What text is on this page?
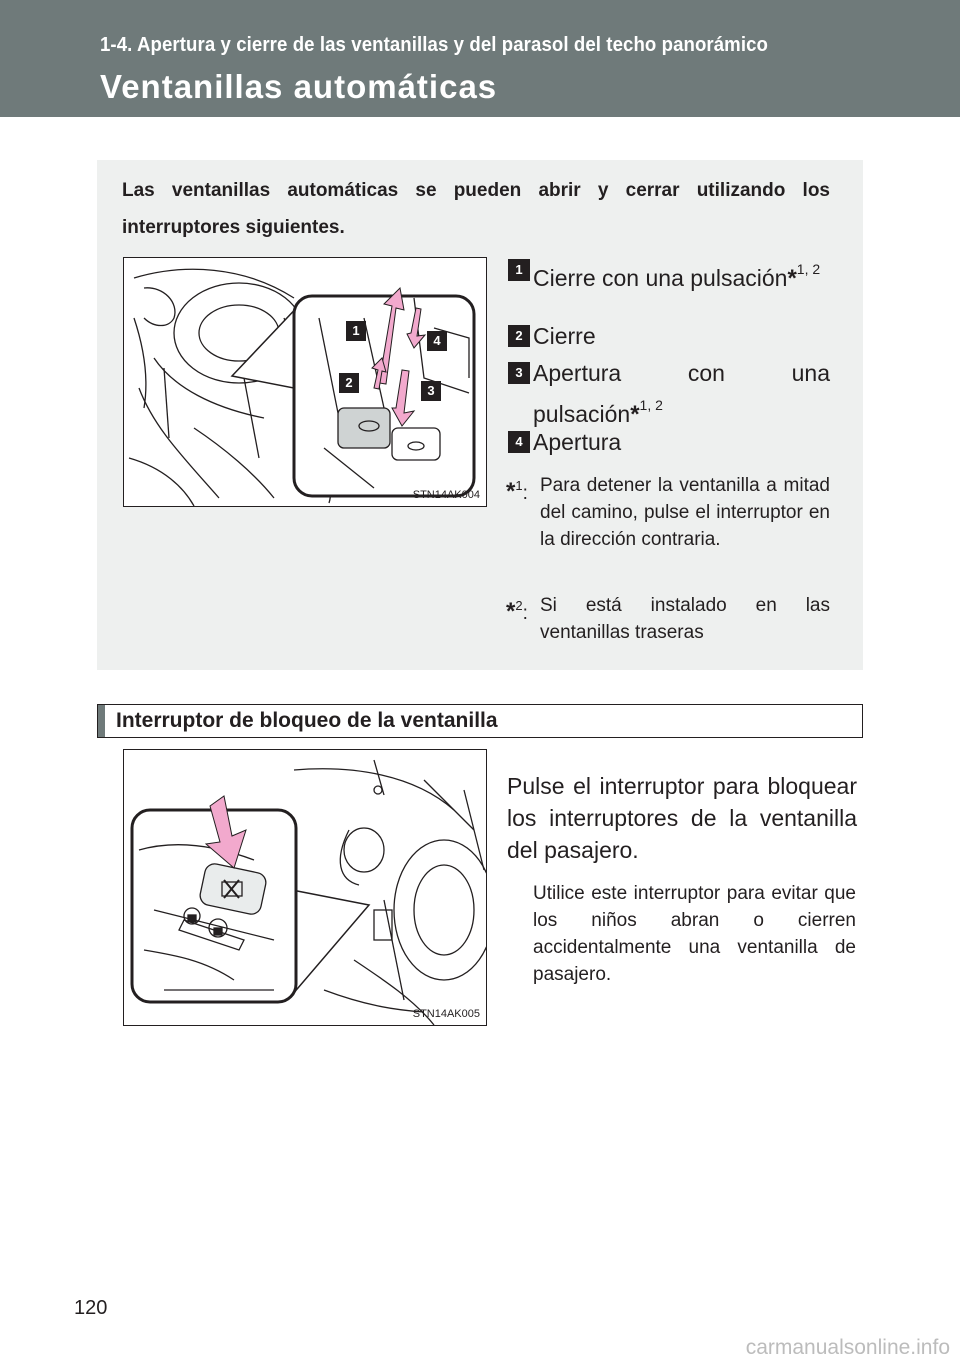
1-4. Apertura y cierre de las ventanillas y del parasol del techo panorámico
Ventanillas automáticas
Las ventanillas automáticas se pueden abrir y cerrar utilizando los interruptores siguientes.
1
2
3
4
STN14AK004
1 Cierre con una pulsación*$^{1, 2}$
2 Cierre
3 Apertura con una pulsación*$^{1, 2}$
4 Apertura
*$^1$: Para detener la ventanilla a mitad del camino, pulse el interruptor en la dirección contraria.
*$^2$: Si está instalado en las ventanillas traseras
Interruptor de bloqueo de la ventanilla
STN14AK005
Pulse el interruptor para bloquear los interruptores de la ventanilla del pasajero.
Utilice este interruptor para evitar que los niños abran o cierren accidentalmente una ventanilla de pasajero.
120
carmanualsonline.info
